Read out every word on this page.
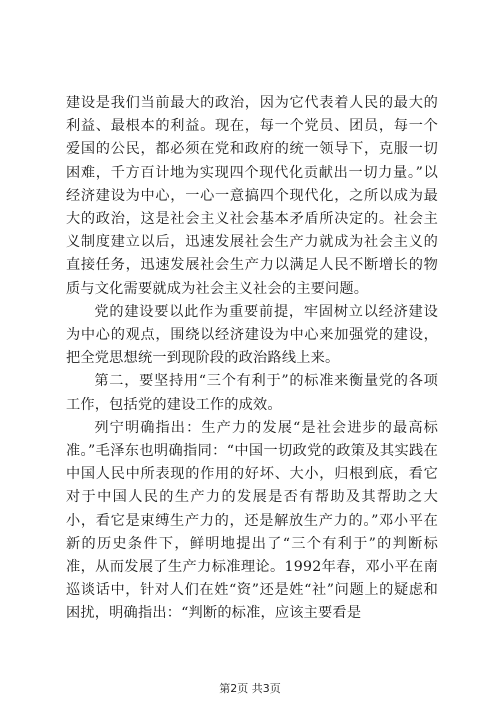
建设是我们当前最大的政治，因为它代表着人民的最大的利益、最根本的利益。现在，每一个党员、团员，每一个爱国的公民，都必须在党和政府的统一领导下，克服一切困难，千方百计地为实现四个现代化贡献出一切力量。”以经济建设为中心，一心一意搞四个现代化，之所以成为最大的政治，这是社会主义社会基本矛盾所决定的。社会主义制度建立以后，迅速发展社会生产力就成为社会主义的直接任务，迅速发展社会生产力以满足人民不断增长的物质与文化需要就成为社会主义社会的主要问题。

党的建设要以此作为重要前提，牢固树立以经济建设为中心的观点，围绕以经济建设为中心来加强党的建设，把全党思想统一到现阶段的政治路线上来。

第二，要坚持用“三个有利于”的标准来衡量党的各项工作，包括党的建设工作的成效。

列宁明确指出：生产力的发展“是社会进步的最高标准。”毛泽东也明确指同：“中国一切政党的政策及其实践在中国人民中所表现的作用的好坏、大小，归根到底，看它对于中国人民的生产力的发展是否有帮助及其帮助之大小，看它是束缚生产力的，还是解放生产力的。”邓小平在新的历史条件下，鲜明地提出了“三个有利于”的判断标准，从而发展了生产力标准理论。1992年春，邓小平在南巡谈话中，针对人们在姓“资”还是姓“社”问题上的疑虑和困扰，明确指出：“判断的标准，应该主要看是

第2页 共3页
